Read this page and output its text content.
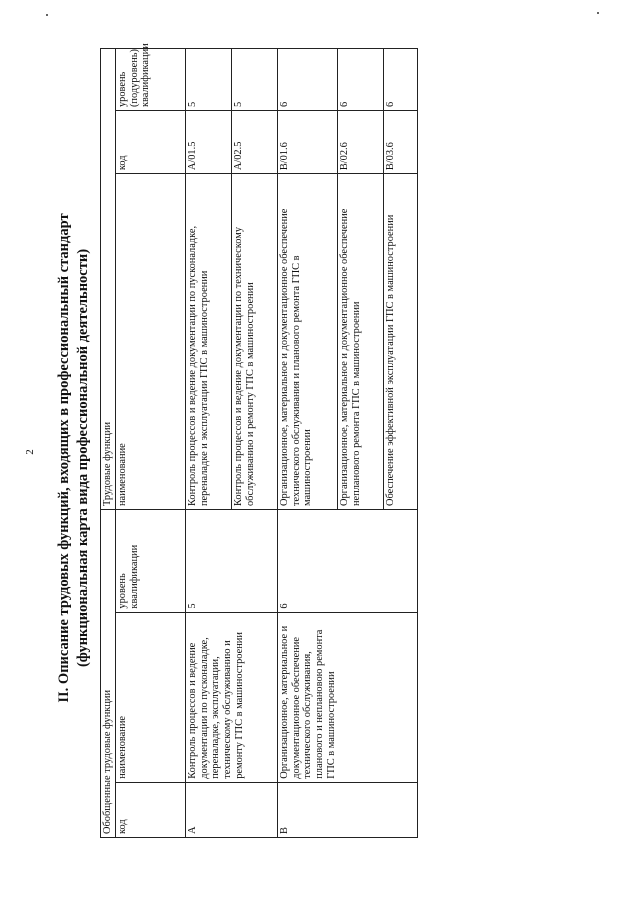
2 II. Описание трудовых функций, входящих в профессиональный стандарт (функциональная карта вида профессиональной деятельности)
Обобщенные трудовые функции			Трудовые функции		
код	наименование	уровень квалификации	наименование	код	уровень (подуровень) квалификации
A	Контроль процессов и ведение документации по пусконаладке, переналадке, эксплуатации, техническому обслуживанию и ремонту ГПС в машиностроении	5	Контроль процессов и ведение документации по пусконаладке, переналадке и эксплуатации ГПС в машиностроении	A/01.5	5
			Контроль процессов и ведение документации по техническому обслуживанию и ремонту ГПС в машиностроении	A/02.5	5
B	Организационное, материальное и документационное обеспечение технического обслуживания, планового и неплановою ремонта ГПС в машиностроении	6	Организационное, материальное и документационное обеспечение технического обслуживания и планового ремонта ГПС в машиностроении	B/01.6	6
			Организационное, материальное и документационное обеспечение непланового ремонта ГПС в машиностроении	B/02.6	6
			Обеспечение эффективной эксплуатации ГПС в машиностроении	B/03.6	6
